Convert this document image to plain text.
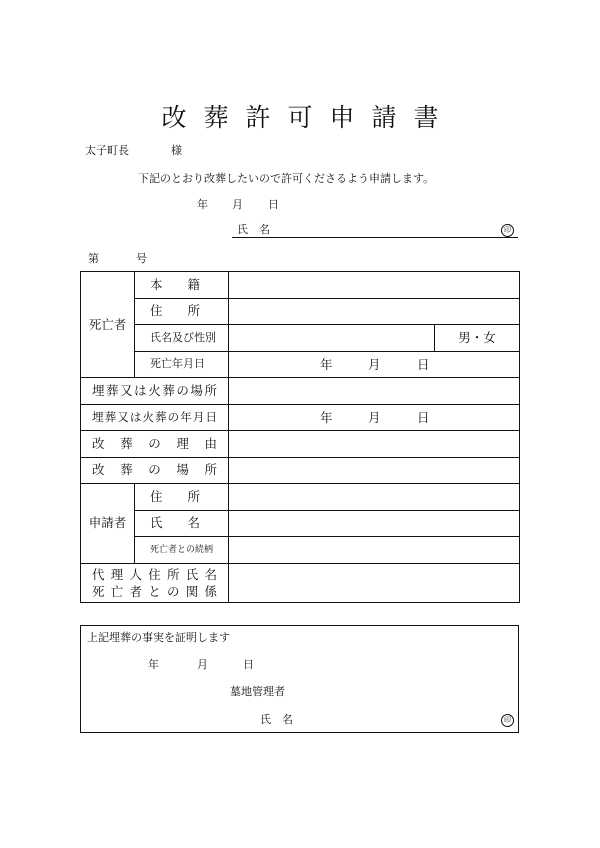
改葬許可申請書
太子町長	様
下記のとおり改葬したいので許可くださるよう申請します。
年 月 日
氏　名	印
第	号
死亡者	本　　籍		
	住　　所		
	氏名及び性別		男・女
	死亡年月日	年 月 日	

埋葬又は火葬の場所			
埋葬又は火葬の年月日		年 月 日	

改葬の理由			
改葬の場所			
申請者	住　　所		
	氏　　名		
	死亡者との続柄		

代理人住所氏名
死亡者との関係			

上記埋葬の事実を証明します
年	月	日
墓地管理者
氏　名	印
